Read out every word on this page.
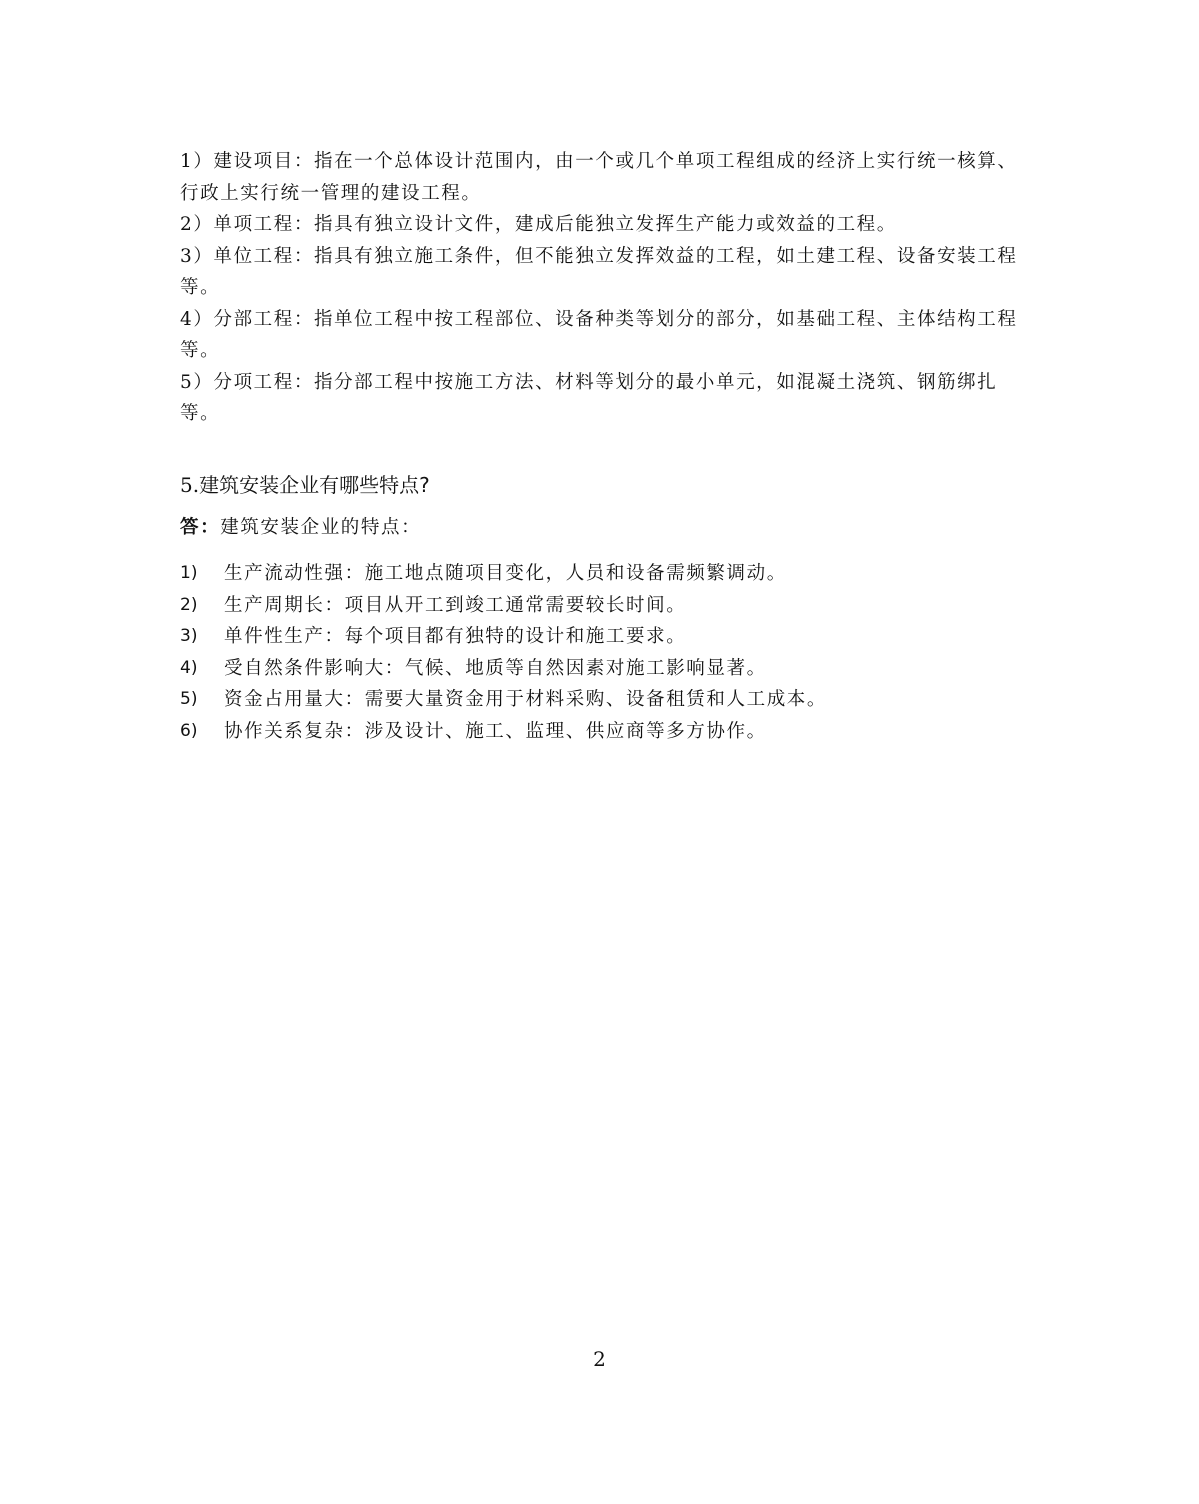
1）建设项目：指在一个总体设计范围内，由一个或几个单项工程组成的经济上实行统一核算、行政上实行统一管理的建设工程。

2）单项工程：指具有独立设计文件，建成后能独立发挥生产能力或效益的工程。

3）单位工程：指具有独立施工条件，但不能独立发挥效益的工程，如土建工程、设备安装工程等。

4）分部工程：指单位工程中按工程部位、设备种类等划分的部分，如基础工程、主体结构工程等。

5）分项工程：指分部工程中按施工方法、材料等划分的最小单元，如混凝土浇筑、钢筋绑扎等。

5.建筑安装企业有哪些特点?
答：建筑安装企业的特点：
1)	生产流动性强：施工地点随项目变化，人员和设备需频繁调动。
2)	生产周期长：项目从开工到竣工通常需要较长时间。
3)	单件性生产：每个项目都有独特的设计和施工要求。
4)	受自然条件影响大：气候、地质等自然因素对施工影响显著。
5)	资金占用量大：需要大量资金用于材料采购、设备租赁和人工成本。
6)	协作关系复杂：涉及设计、施工、监理、供应商等多方协作。
2
